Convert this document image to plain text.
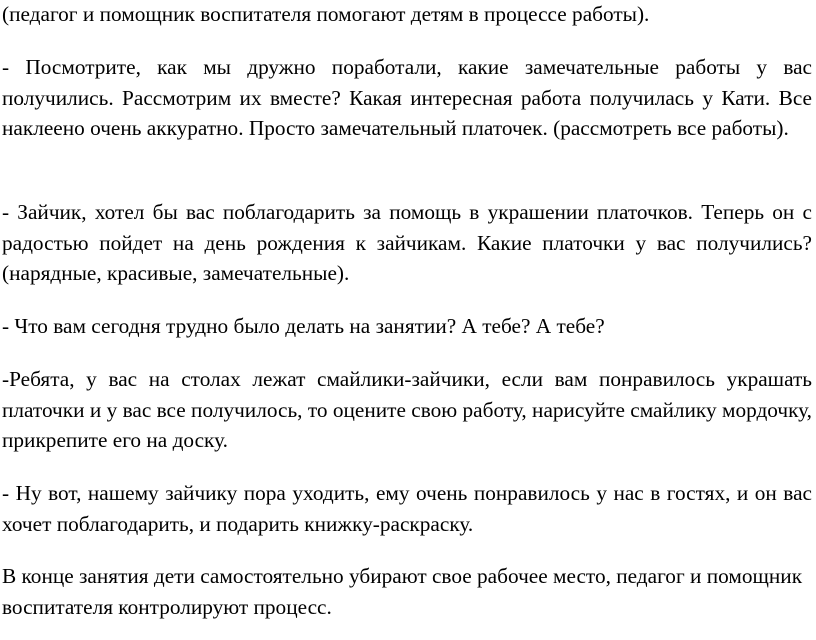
(педагог и помощник воспитателя помогают детям в процессе работы).

- Посмотрите, как мы дружно поработали, какие замечательные работы у вас получились. Рассмотрим их вместе? Какая интересная работа получилась у Кати. Все наклеено очень аккуратно. Просто замечательный платочек. (рассмотреть все работы).

- Зайчик, хотел бы вас поблагодарить за помощь в украшении платочков. Теперь он с радостью пойдет на день рождения к зайчикам. Какие платочки у вас получились? (нарядные, красивые, замечательные).

- Что вам сегодня трудно было делать на занятии? А тебе? А тебе?

-Ребята, у вас на столах лежат смайлики-зайчики, если вам понравилось украшать платочки и у вас все получилось, то оцените свою работу, нарисуйте смайлику мордочку, прикрепите его на доску.

- Ну вот, нашему зайчику пора уходить, ему очень понравилось у нас в гостях, и он вас хочет поблагодарить, и подарить книжку-раскраску.

В конце занятия дети самостоятельно убирают свое рабочее место, педагог и помощник воспитателя контролируют процесс.
